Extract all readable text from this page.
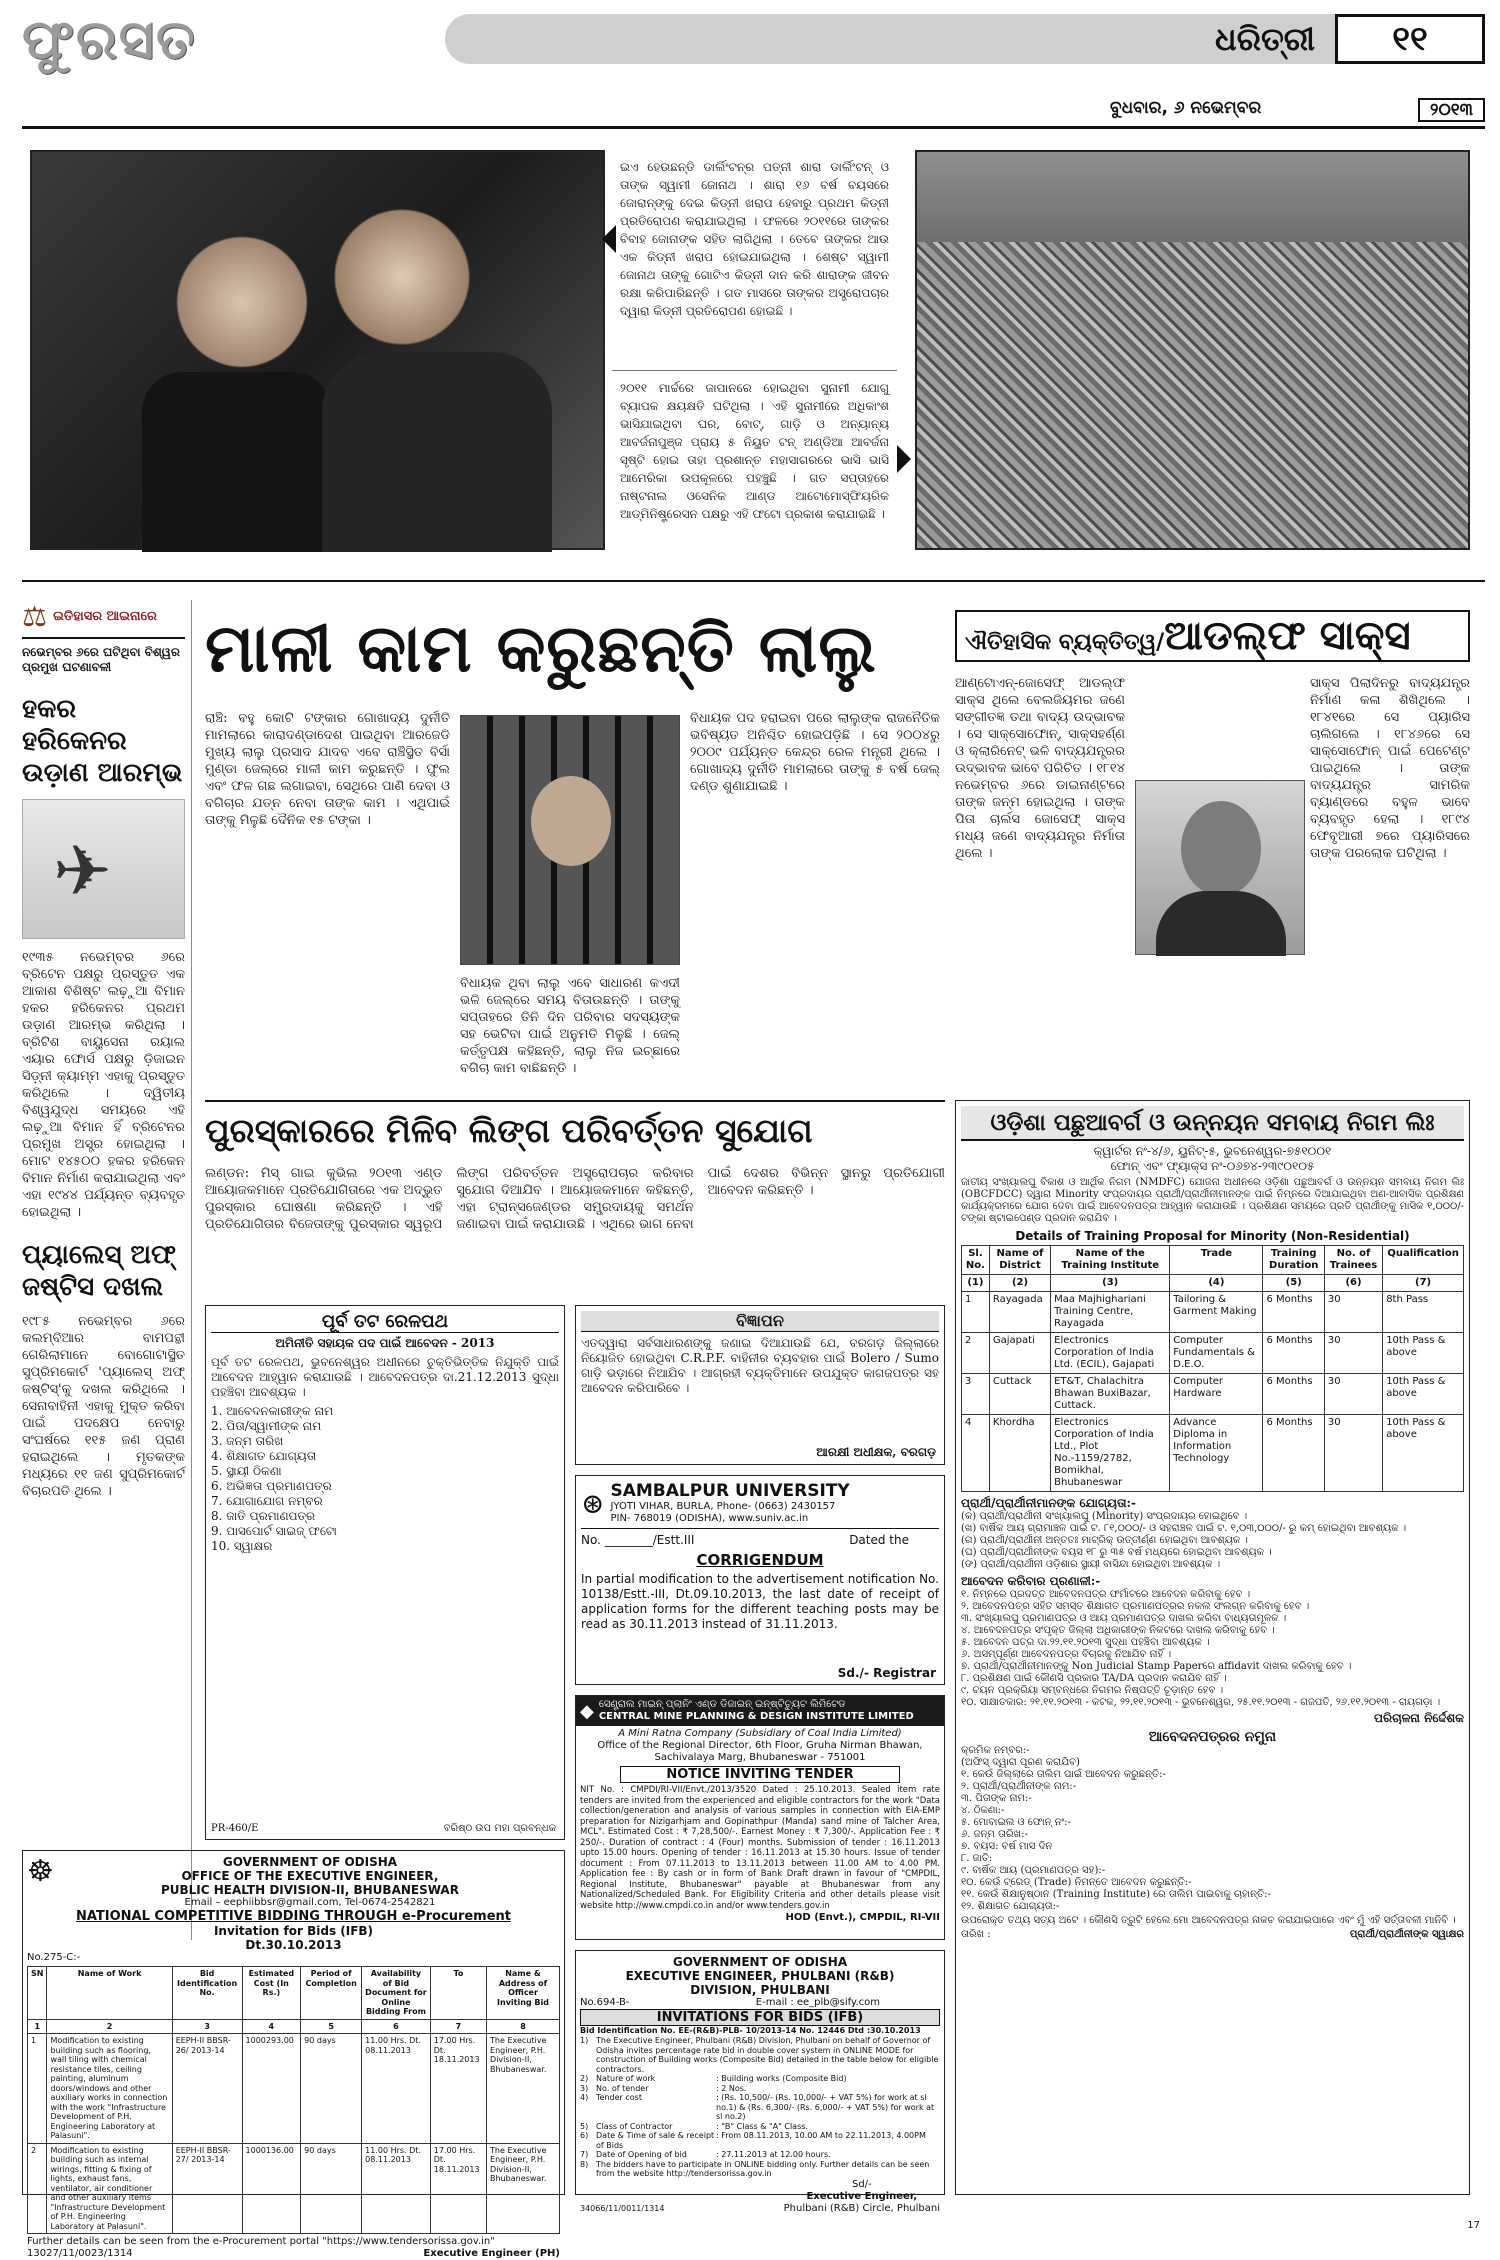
ଫୁରସତ	ଧରିତ୍ରୀ	୧୧
ବୁଧବାର, ୬ ନଭେମ୍ବର	୨୦୧୩
ଇଏ ହେଉଛନ୍ତି ଡାର୍ଲିଂଟନ୍‌ର ପତ୍ନୀ ଶାରା ଡାର୍ଲିଂଟନ୍ ଓ ତାଙ୍କ ସ୍ୱାମୀ ଜୋନାଥ । ଶାରା ୧୬ ବର୍ଷ ବୟସରେ ଜୋରାନ୍‌ଙ୍କୁ ଦେଇ କିଡ୍‌ନୀ ଖରାପ ହେବାରୁ ପ୍ରଥମ କିଡ୍‌ନୀ ପ୍ରତିରୋପଣ କରାଯାଇଥିଲା । ଫଳରେ ୨୦୧୧ରେ ତାଙ୍କର ବିବାହ ଜୋନାଙ୍କ ସହିତ ଲାଗିଥିଲା । ତେବେ ତାଙ୍କର ଆଉ ଏକ କିଡ୍‌ନୀ ଖରାପ ହୋଇଯାଇଥିଲା । ଶେଷ୍ଟ ସ୍ୱାମୀ ଜୋନାଥ ତାଙ୍କୁ ଗୋଟିଏ କିଡ୍‌ନୀ ଦାନ କରି ଶାରାଙ୍କ ଜୀବନ ରକ୍ଷା କରିପାରିଛନ୍ତି । ଗତ ମାସରେ ତାଙ୍କର ଅସ୍ତ୍ରୋପଚାର ଦ୍ୱାରା କିଡ୍‌ନୀ ପ୍ରତିରୋପଣ ହୋଇଛି ।
୨୦୧୧ ମାର୍ଚ୍ଚରେ ଜାପାନରେ ହୋଇଥିବା ସୁନାମୀ ଯୋଗୁ ବ୍ୟାପକ କ୍ଷୟକ୍ଷତି ଘଟିଥିଲା । ଏହି ସୁନାମୀରେ ଅଧିକାଂଶ ଭାସିଯାଇଥିବା ଘର, ବୋଟ୍, ଗାଡ଼ି ଓ ଅନ୍ୟାନ୍ୟ ଆବର୍ଜନାପୁଞ୍ଜ ପ୍ରାୟ ୫ ନିୟୁତ ଟନ୍ ଅଣ୍ଡିଆ ଆବର୍ଜନା ସୃଷ୍ଟି ହୋଇ ତାହା ପ୍ରଶାନ୍ତ ମହାସାଗରରେ ଭାସି ଭାସି ଆମେରିକା ଉପକୂଳରେ ପହଞ୍ଚୁଛି । ଗତ ସପ୍ତାହରେ ନାଷ୍ଟନାଲ ଓସେନିକ ଆଣ୍ଡ ଆଟୋମୋସ୍ଫିୟରିକ ଆଡ୍‌ମିନିଷ୍ଟ୍ରେସନ ପକ୍ଷରୁ ଏହି ଫଟୋ ପ୍ରକାଶ କରାଯାଇଛି ।
⚖ ଇତିହାସର ଆଇନାରେ
ନଭେମ୍ବର ୬ରେ ଘଟିଥିବା ବିଶ୍ୱର ପ୍ରମୁଖ ଘଟଣାବଳୀ
ହକର ହରିକେନର ଉଡ଼ାଣ ଆରମ୍ଭ
✈
୧୯୩୫ ନଭେମ୍ବର ୬ରେ ବ୍ରିଟେନ ପକ୍ଷରୁ ପ୍ରସ୍ତୁତ ଏକ ଆକାଶ ବିଶିଷ୍ଟ ଲଢ଼ୁଆ ବିମାନ ହକର ହରିକେନର ପ୍ରଥମ ଉଡ଼ାଣ ଆରମ୍ଭ କରିଥିଲା । ବ୍ରିଟିଶ ବାୟୁସେନା ରୟାଲ ଏୟାର ଫୋର୍ସ ପକ୍ଷରୁ ଡ଼ିଜାଇନ ସିଡ଼୍‌ନୀ କ୍ୟାମ୍ମ ଏହାକୁ ପ୍ରସ୍ତୁତ କରିଥିଲେ । ଦ୍ୱିତୀୟ ବିଶ୍ୱଯୁଦ୍ଧ ସମୟରେ ଏହି ଲଢ଼ୁଆ ବିମାନ ହିଁ ବ୍ରିଟେନର ପ୍ରମୁଖ ଅସ୍ତ୍ର ହୋଇଥିଲା । ମୋଟ ୧୪୫୦୦ ହକର ହରିକେନ ବିମାନ ନିର୍ମାଣ କରାଯାଇଥିଲା ଏବଂ ଏହା ୧୯୪୪ ପର୍ଯ୍ୟନ୍ତ ବ୍ୟବହୃତ ହୋଇଥିଲା ।
ପ୍ୟାଲେସ୍ ଅଫ୍ ଜଷ୍ଟିସ ଦଖଲ
୧୯୮୫ ନଭେମ୍ବର ୬ରେ କଲମ୍ବିଆର ବାମପନ୍ଥୀ ଗେରିଲାମାନେ ବୋଗୋଟାସ୍ଥିତ ସୁପ୍ରିମକୋର୍ଟ 'ପ୍ୟାଲେସ୍ ଅଫ୍ ଜଷ୍ଟିସ୍'କୁ ଦଖଲ କରିଥିଲେ । ସେନାବାହିନୀ ଏହାକୁ ମୁକ୍ତ କରିବା ପାଇଁ ପଦକ୍ଷେପ ନେବାରୁ ସଂଘର୍ଷରେ ୧୧୫ ଜଣ ପ୍ରାଣ ହରାଇଥିଲେ । ମୃତକଙ୍କ ମଧ୍ୟରେ ୧୧ ଜଣ ସୁପ୍ରିମକୋର୍ଟ ବିଚାରପତି ଥିଲେ ।
ମାଳୀ କାମ କରୁଛନ୍ତି ଲାଲୁ
ରାଞ୍ଚି: ବହୁ କୋଟି ଟଙ୍କାର ଗୋଖାଦ୍ୟ ଦୁର୍ନୀତି ମାମଲାରେ କାରାଦଣ୍ଡାଦେଶ ପାଇଥିବା ଆରଜେଡି ମୁଖ୍ୟ ଲାଲୁ ପ୍ରସାଦ ଯାଦବ ଏବେ ରାଞ୍ଚିସ୍ଥିତ ବିର୍ସା ମୁଣ୍ଡା ଜେଲ୍‌ରେ ମାଳୀ କାମ କରୁଛନ୍ତି । ଫୁଲ ଏବଂ ଫଳ ଗଛ ଲଗାଇବା, ସେଥିରେ ପାଣି ଦେବା ଓ ବଗିଚାର ଯତ୍ନ ନେବା ତାଙ୍କ କାମ । ଏଥିପାଇଁ ତାଙ୍କୁ ମିଳୁଛି ଦୈନିକ ୧୫ ଟଙ୍କା ।
ବିଧାୟକ ଥିବା ଲାଲୁ ଏବେ ସାଧାରଣ କଏଦୀ ଭଳି ଜେଲ୍‌ରେ ସମୟ ବିତାଉଛନ୍ତି । ତାଙ୍କୁ ସପ୍ତାହରେ ତିନି ଦିନ ପରିବାର ସଦସ୍ୟଙ୍କ ସହ ଭେଟିବା ପାଇଁ ଅନୁମତି ମିଳୁଛି । ଜେଲ୍ କର୍ତ୍ତୃପକ୍ଷ କହିଛନ୍ତି, ଲାଲୁ ନିଜ ଇଚ୍ଛାରେ ବଗିଚା କାମ ବାଛିଛନ୍ତି ।
ବିଧାୟକ ପଦ ହରାଇବା ପରେ ଲାଲୁଙ୍କ ରାଜନୈତିକ ଭବିଷ୍ୟତ ଅନିଶ୍ଚିତ ହୋଇପଡ଼ିଛି । ସେ ୨୦୦୪ରୁ ୨୦୦୯ ପର୍ଯ୍ୟନ୍ତ କେନ୍ଦ୍ର ରେଳ ମନ୍ତ୍ରୀ ଥିଲେ । ଗୋଖାଦ୍ୟ ଦୁର୍ନୀତି ମାମଲାରେ ତାଙ୍କୁ ୫ ବର୍ଷ ଜେଲ୍ ଦଣ୍ଡ ଶୁଣାଯାଇଛି ।
ଐତିହାସିକ ବ୍ୟକ୍ତିତ୍ୱ/ଆଡଲ୍ଫ ସାକ୍ସ
ଆଣ୍ଟୋଏନ୍-ଜୋସେଫ୍ ଆଡଲ୍ଫ ସାକ୍ସ ଥିଲେ ବେଲଜିୟମର ଜଣେ ସଙ୍ଗୀତଜ୍ଞ ତଥା ବାଦ୍ୟ ଉଦ୍ଭାବକ । ସେ ସାକ୍ସୋଫୋନ୍, ସାକ୍ସହର୍ଣ୍ଣ ଓ କ୍ଲାରିନେଟ୍ ଭଳି ବାଦ୍ୟଯନ୍ତ୍ରର ଉଦ୍ଭାବକ ଭାବେ ପରିଚିତ । ୧୮୧୪ ନଭେମ୍ବର ୬ରେ ଡାଇନାଣ୍ଟରେ ତାଙ୍କ ଜନ୍ମ ହୋଇଥିଲା । ତାଙ୍କ ପିତା ଚାର୍ଲସ ଜୋସେଫ୍ ସାକ୍ସ ମଧ୍ୟ ଜଣେ ବାଦ୍ୟଯନ୍ତ୍ର ନିର୍ମାତା ଥିଲେ ।
ସାକ୍ସ ପିଲାଦିନରୁ ବାଦ୍ୟଯନ୍ତ୍ର ନିର୍ମାଣ କଳା ଶିଖିଥିଲେ । ୧୮୪୧ରେ ସେ ପ୍ୟାରିସ ଚାଲିଗଲେ । ୧୮୪୬ରେ ସେ ସାକ୍ସୋଫୋନ୍ ପାଇଁ ପେଟେଣ୍ଟ ପାଇଥିଲେ । ତାଙ୍କ ବାଦ୍ୟଯନ୍ତ୍ର ସାମରିକ ବ୍ୟାଣ୍ଡରେ ବହୁଳ ଭାବେ ବ୍ୟବହୃତ ହେଲା । ୧୮୯୪ ଫେବୃଆରୀ ୭ରେ ପ୍ୟାରିସରେ ତାଙ୍କ ପରଲୋକ ଘଟିଥିଲା ।
ପୁରସ୍କାରରେ ମିଳିବ ଲିଙ୍ଗ ପରିବର୍ତ୍ତନ ସୁଯୋଗ
ଲଣ୍ଡନ: ମିସ୍ ଗାଇ କୁଭିଲ ୨୦୧୩ ଏଣ୍ଡ ଆୟୋଜକମାନେ ପ୍ରତିଯୋଗିତାରେ ଏକ ଅଦ୍ଭୁତ ପୁରସ୍କାର ଘୋଷଣା କରିଛନ୍ତି । ଏହି ପ୍ରତିଯୋଗିତାର ବିଜେତାଙ୍କୁ ପୁରସ୍କାର ସ୍ୱରୂପ ଲିଙ୍ଗ ପରିବର୍ତ୍ତନ ଅସ୍ତ୍ରୋପଚାର କରିବାର ସୁଯୋଗ ଦିଆଯିବ । ଆୟୋଜକମାନେ କହିଛନ୍ତି, ଏହା ଟ୍ରାନ୍ସଜେଣ୍ଡର ସମ୍ପ୍ରଦାୟକୁ ସମର୍ଥନ ଜଣାଇବା ପାଇଁ କରାଯାଉଛି । ଏଥିରେ ଭାଗ ନେବା ପାଇଁ ଦେଶର ବିଭିନ୍ନ ସ୍ଥାନରୁ ପ୍ରତିଯୋଗୀ ଆବେଦନ କରିଛନ୍ତି ।
ପୂର୍ବ ତଟ ରେଳପଥ
ଅମିନୀତି ସହାୟକ ପଦ ପାଇଁ ଆବେଦନ - 2013
ପୂର୍ବ ତଟ ରେଳପଥ, ଭୁବନେଶ୍ୱର ଅଧୀନରେ ଚୁକ୍ତିଭିତ୍ତିକ ନିଯୁକ୍ତି ପାଇଁ ଆବେଦନ ଆହ୍ୱାନ କରାଯାଉଛି । ଆବେଦନପତ୍ର ଦା.21.12.2013 ସୁଦ୍ଧା ପହଞ୍ଚିବା ଆବଶ୍ୟକ ।
1. ଆବେଦନକାରୀଙ୍କ ନାମ
2. ପିତା/ସ୍ୱାମୀଙ୍କ ନାମ
3. ଜନ୍ମ ତାରିଖ
4. ଶିକ୍ଷାଗତ ଯୋଗ୍ୟତା
5. ସ୍ଥାୟୀ ଠିକଣା
6. ଅଭିଜ୍ଞତା ପ୍ରମାଣପତ୍ର
7. ଯୋଗାଯୋଗ ନମ୍ବର
8. ଜାତି ପ୍ରମାଣପତ୍ର
9. ପାସପୋର୍ଟ ସାଇଜ୍ ଫଟୋ
10. ସ୍ୱାକ୍ଷର
PR-460/E	ବରିଷ୍ଠ ଉପ ମହା ପ୍ରବନ୍ଧକ
ବିଜ୍ଞାପନ
ଏତଦ୍ୱାରା ସର୍ବସାଧାରଣଙ୍କୁ ଜଣାଇ ଦିଆଯାଉଛି ଯେ, ବରଗଡ଼ ଜିଲ୍ଲାରେ ନିୟୋଜିତ ହୋଇଥିବା C.R.P.F. ବାହିନୀର ବ୍ୟବହାର ପାଇଁ Bolero / Sumo ଗାଡ଼ି ଭଡ଼ାରେ ନିଆଯିବ । ଆଗ୍ରହୀ ବ୍ୟକ୍ତିମାନେ ଉପଯୁକ୍ତ କାଗଜପତ୍ର ସହ ଆବେଦନ କରିପାରିବେ ।
ଆରକ୍ଷୀ ଅଧୀକ୍ଷକ, ବରଗଡ଼
⊛ SAMBALPUR UNIVERSITY
JYOTI VIHAR, BURLA, Phone- (0663) 2430157
PIN- 768019 (ODISHA), www.suniv.ac.in
No. ________/Estt.III	Dated the
CORRIGENDUM
In partial modification to the advertisement notification No. 10138/Estt.-III, Dt.09.10.2013, the last date of receipt of application forms for the different teaching posts may be read as 30.11.2013 instead of 31.11.2013.
Sd./- Registrar
◆ ସେଣ୍ଟ୍ରାଲ ମାଇନ୍ ପ୍ଲାନିଂ ଏଣ୍ଡ ଡିଜାଇନ୍ ଇନ୍‌ଷ୍ଟିଚ୍ୟୁଟ ଲିମିଟେଡ
CENTRAL MINE PLANNING & DESIGN INSTITUTE LIMITED
A Mini Ratna Company (Subsidiary of Coal India Limited)
Office of the Regional Director, 6th Floor, Gruha Nirman Bhawan, Sachivalaya Marg, Bhubaneswar - 751001
NOTICE INVITING TENDER
NIT No. : CMPDI/RI-VII/Envt./2013/3520 Dated : 25.10.2013. Sealed item rate tenders are invited from the experienced and eligible contractors for the work "Data collection/generation and analysis of various samples in connection with EIA-EMP preparation for Nizigarhjam and Gopinathpur (Manda) sand mine of Talcher Area, MCL". Estimated Cost : ₹ 7,28,500/-. Earnest Money : ₹ 7,300/-. Application Fee : ₹ 250/-. Duration of contract : 4 (Four) months. Submission of tender : 16.11.2013 upto 15.00 hours. Opening of tender : 16.11.2013 at 15.30 hours. Issue of tender document : From 07.11.2013 to 13.11.2013 between 11.00 AM to 4.00 PM. Application fee : By cash or in form of Bank Draft drawn in favour of "CMPDIL, Regional Institute, Bhubaneswar" payable at Bhubaneswar from any Nationalized/Scheduled Bank. For Eligibility Criteria and other details please visit website http://www.cmpdi.co.in and/or www.tenders.gov.in
HOD (Envt.), CMPDIL, RI-VII
ଓଡ଼ିଶା ପଛୁଆବର୍ଗ ଓ ଉନ୍ନୟନ ସମବାୟ ନିଗମ ଲିଃ
କ୍ୱାର୍ଟର ନଂ-୪/୬, ୟୁନିଟ୍-୫, ଭୁବନେଶ୍ୱର-୭୫୧୦୦୧
ଫୋନ୍ ଏବଂ ଫ୍ୟାକ୍ସ ନଂ-୦୬୭୪-୨୩୯୦୧୦୫
ଜାତୀୟ ସଂଖ୍ୟାଲଘୁ ବିକାଶ ଓ ଆର୍ଥିକ ନିଗମ (NMDFC) ଯୋଜନା ଅଧୀନରେ ଓଡ଼ିଶା ପଛୁଆବର୍ଗ ଓ ଉନ୍ନୟନ ସମବାୟ ନିଗମ ଲିଃ (OBCFDCC) ଦ୍ୱାରା Minority ସଂପ୍ରଦାୟର ପ୍ରାର୍ଥୀ/ପ୍ରାର୍ଥୀନୀମାନଙ୍କ ପାଇଁ ନିମ୍ନରେ ଦିଆଯାଇଥିବା ଅଣ-ଆବାସିକ ପ୍ରଶିକ୍ଷଣ କାର୍ଯ୍ୟକ୍ରମରେ ଯୋଗ ଦେବା ପାଇଁ ଆବେଦନପତ୍ର ଆହ୍ୱାନ କରାଯାଉଛି । ପ୍ରଶିକ୍ଷଣ ସମୟରେ ପ୍ରତି ପ୍ରାର୍ଥୀଙ୍କୁ ମାସିକ ୧,୦୦୦/- ଟଙ୍କା ଷ୍ଟାଇପେଣ୍ଡ ପ୍ରଦାନ କରାଯିବ ।
Details of Training Proposal for Minority (Non-Residential)
Sl. No.	Name of District	Name of the Training Institute	Trade	Training Duration	No. of Trainees	Qualification
(1)	(2)	(3)	(4)	(5)	(6)	(7)
1	Rayagada	Maa Majhighariani Training Centre, Rayagada	Tailoring & Garment Making	6 Months	30	8th Pass
2	Gajapati	Electronics Corporation of India Ltd. (ECIL), Gajapati	Computer Fundamentals & D.E.O.	6 Months	30	10th Pass & above
3	Cuttack	ET&T, Chalachitra Bhawan BuxiBazar, Cuttack.	Computer Hardware	6 Months	30	10th Pass & above
4	Khordha	Electronics Corporation of India Ltd., Plot No.-1159/2782, Bomikhal, Bhubaneswar	Advance Diploma in Information Technology	6 Months	30	10th Pass & above
ପ୍ରାର୍ଥୀ/ପ୍ରାର୍ଥୀନୀମାନଙ୍କ ଯୋଗ୍ୟତା:-
(କ) ପ୍ରାର୍ଥୀ/ପ୍ରାର୍ଥୀନୀ ସଂଖ୍ୟାଲଘୁ (Minority) ସଂପ୍ରଦାୟର ହୋଇଥିବେ ।
(ଖ) ବାର୍ଷିକ ଆୟ ଗ୍ରାମାଞ୍ଚଳ ପାଇଁ ଟ. ୮୧,୦୦୦/- ଓ ସହରାଞ୍ଚଳ ପାଇଁ ଟ. ୧,୦୩,୦୦୦/- ରୁ କମ୍ ହୋଇଥିବା ଆବଶ୍ୟକ ।
(ଗ) ପ୍ରାର୍ଥୀ/ପ୍ରାର୍ଥୀନୀ ଅନ୍ତତଃ ମାଟ୍ରିକ୍ ଉତ୍ତୀର୍ଣ୍ଣ ହୋଇଥିବା ଆବଶ୍ୟକ ।
(ଘ) ପ୍ରାର୍ଥୀ/ପ୍ରାର୍ଥୀନୀଙ୍କ ବୟସ ୧୮ ରୁ ୩୫ ବର୍ଷ ମଧ୍ୟରେ ହୋଇଥିବା ଆବଶ୍ୟକ ।
(ଙ) ପ୍ରାର୍ଥୀ/ପ୍ରାର୍ଥୀନୀ ଓଡ଼ିଶାର ସ୍ଥାୟୀ ବାସିନ୍ଦା ହୋଇଥିବା ଆବଶ୍ୟକ ।
ଆବେଦନ କରିବାର ପ୍ରଣାଳୀ:-
୧. ନିମ୍ନରେ ପ୍ରଦତ୍ତ ଆବେଦନପତ୍ର ଫର୍ମାଟରେ ଆବେଦନ କରିବାକୁ ହେବ ।
୨. ଆବେଦନପତ୍ର ସହିତ ସମସ୍ତ ଶିକ୍ଷାଗତ ପ୍ରମାଣପତ୍ରର ନକଲ ସଂଲଗ୍ନ କରିବାକୁ ହେବ ।
୩. ସଂଖ୍ୟାଲଘୁ ପ୍ରମାଣପତ୍ର ଓ ଆୟ ପ୍ରମାଣପତ୍ର ଦାଖଲ କରିବା ବାଧ୍ୟତାମୂଳକ ।
୪. ଆବେଦନପତ୍ର ସଂପୃକ୍ତ ଜିଲ୍ଲା ଅଧିକାରୀଙ୍କ ନିକଟରେ ଦାଖଲ କରିବାକୁ ହେବ ।
୫. ଆବେଦନ ପତ୍ର ଦା.୨୨.୧୧.୨୦୧୩ ସୁଦ୍ଧା ପହଞ୍ଚିବା ଆବଶ୍ୟକ ।
୬. ଅସମ୍ପୂର୍ଣ୍ଣ ଆବେଦନପତ୍ର ବିଚାରକୁ ନିଆଯିବ ନାହିଁ ।
୭. ପ୍ରାର୍ଥୀ/ପ୍ରାର୍ଥୀନୀମାନଙ୍କୁ Non Judicial Stamp Paperରେ affidavit ଦାଖଲ କରିବାକୁ ହେବ ।
୮. ପ୍ରଶିକ୍ଷଣ ପାଇଁ କୌଣସି ପ୍ରକାର TA/DA ପ୍ରଦାନ କରାଯିବ ନାହିଁ ।
୯. ଚୟନ ପ୍ରକ୍ରିୟା ସମ୍ବନ୍ଧରେ ନିଗମର ନିଷ୍ପତ୍ତି ଚୂଡ଼ାନ୍ତ ହେବ ।
୧୦. ସାକ୍ଷାତକାର: ୨୧.୧୧.୨୦୧୩ - କଟକ, ୨୨.୧୧.୨୦୧୩ - ଭୁବନେଶ୍ୱର, ୨୫.୧୧.୨୦୧୩ - ଗଜପତି, ୨୬.୧୧.୨୦୧୩ - ରାୟଗଡ଼ା ।
ପରିଚାଳନା ନିର୍ଦ୍ଦେଶକ
ଆବେଦନପତ୍ରର ନମୁନା
କ୍ରମିକ ନମ୍ବର:-
(ଅଫିସ୍ ଦ୍ୱାରା ପୂରଣ କରାଯିବ)
୧. କେଉଁ ଜିଲ୍ଲାରେ ତାଲିମ ପାଇଁ ଆବେଦନ କରୁଛନ୍ତି:-
୨. ପ୍ରାର୍ଥୀ/ପ୍ରାର୍ଥୀନୀଙ୍କ ନାମ:-
୩. ପିତାଙ୍କ ନାମ:-
୪. ଠିକଣା:-
୫. ମୋବାଇଲ ଓ ଫୋନ୍ ନଂ:-
୬. ଜନ୍ମ ତାରିଖ:-
୭. ବୟସ: ବର୍ଷ ମାସ ଦିନ
୮. ଜାତି:
୯. ବାର୍ଷିକ ଆୟ (ପ୍ରମାଣପତ୍ର ସହ):-
୧୦. କେଉଁ ଟ୍ରେଡ୍ (Trade) ନିମନ୍ତେ ଆବେଦନ କରୁଛନ୍ତି:-
୧୧. କେଉଁ ଶିକ୍ଷାନୁଷ୍ଠାନ (Training Institute) ରେ ତାଲିମ ପାଇବାକୁ ଚାହାନ୍ତି:-
୧୨. ଶିକ୍ଷାଗତ ଯୋଗ୍ୟତା:-
ଉପରୋକ୍ତ ତଥ୍ୟ ସତ୍ୟ ଅଟେ । କୌଣସି ତ୍ରୁଟି ହେଲେ ମୋ ଆବେଦନପତ୍ର ନାକଚ କରାଯାଇପାରେ ଏବଂ ମୁଁ ଏହି ସର୍ତ୍ତାବଳୀ ମାନିବି ।
ତାରିଖ :	ପ୍ରାର୍ଥୀ/ପ୍ରାର୍ଥୀନୀଙ୍କ ସ୍ୱାକ୍ଷର
☸	GOVERNMENT OF ODISHA
OFFICE OF THE EXECUTIVE ENGINEER,
PUBLIC HEALTH DIVISION-II, BHUBANESWAR
Email – eephiibbsr@gmail.com, Tel-0674-2542821
NATIONAL COMPETITIVE BIDDING THROUGH e-Procurement
Invitation for Bids (IFB)
Dt.30.10.2013
No.275-C:-
SN	Name of Work	Bid Identification No.	Estimated Cost (In Rs.)	Period of Completion	Availability of Bid Document for Online Bidding From	To	Name & Address of Officer Inviting Bid
1	2	3	4	5	6	7	8
1	Modification to existing building such as flooring, wall tiling with chemical resistance tiles, ceiling painting, aluminum doors/windows and other auxiliary works in connection with the work "Infrastructure Development of P.H. Engineering Laboratory at Palasuni".	EEPH-II BBSR-26/ 2013-14	1000293.00	90 days	11.00 Hrs. Dt. 08.11.2013	17.00 Hrs. Dt. 18.11.2013	The Executive Engineer, P.H. Division-II, Bhubaneswar.
2	Modification to existing building such as internal wirings, fitting & fixing of lights, exhaust fans, ventilator, air conditioner and other auxiliary items "Infrastructure Development of P.H. Engineering Laboratory at Palasuni".	EEPH-II BBSR-27/ 2013-14	1000136.00	90 days	11.00 Hrs. Dt. 08.11.2013	17.00 Hrs. Dt. 18.11.2013	The Executive Engineer, P.H. Division-II, Bhubaneswar.
Further details can be seen from the e-Procurement portal "https://www.tendersorissa.gov.in"
13027/11/0023/1314	Executive Engineer (PH)
GOVERNMENT OF ODISHA
EXECUTIVE ENGINEER, PHULBANI (R&B)
DIVISION, PHULBANI
No.694-B-	E-mail : ee_plb@sify.com
INVITATIONS FOR BIDS (IFB)
Bid Identification No. EE-(R&B)-PLB- 10/2013-14 No. 12446 Dtd :30.10.2013
1) The Executive Engineer, Phulbani (R&B) Division, Phulbani on behalf of Governor of Odisha invites percentage rate bid in double cover system in ONLINE MODE for construction of Building works (Composite Bid) detailed in the table below for eligible contractors.
2) Nature of work	: Building works (Composite Bid)
3) No. of tender	: 2 Nos.
4) Tender cost	: (Rs. 10,500/- (Rs. 10,000/- + VAT 5%) for work at sl no.1) & (Rs. 6,300/- (Rs. 6,000/- + VAT 5%) for work at sl no.2)
5) Class of Contractor	: "B" Class & "A" Class.
6) Date & Time of sale & receipt of Bids
: From 08.11.2013, 10.00 AM to 22.11.2013, 4.00PM
7) Date of Opening of bid	: 27.11.2013 at 12.00 hours.
8) The bidders have to participate in ONLINE bidding only. Further details can be seen from the website http://tendersorissa.gov.in
34066/11/0011/1314
Sd/-
Executive Engineer,
Phulbani (R&B) Circle, Phulbani
17
